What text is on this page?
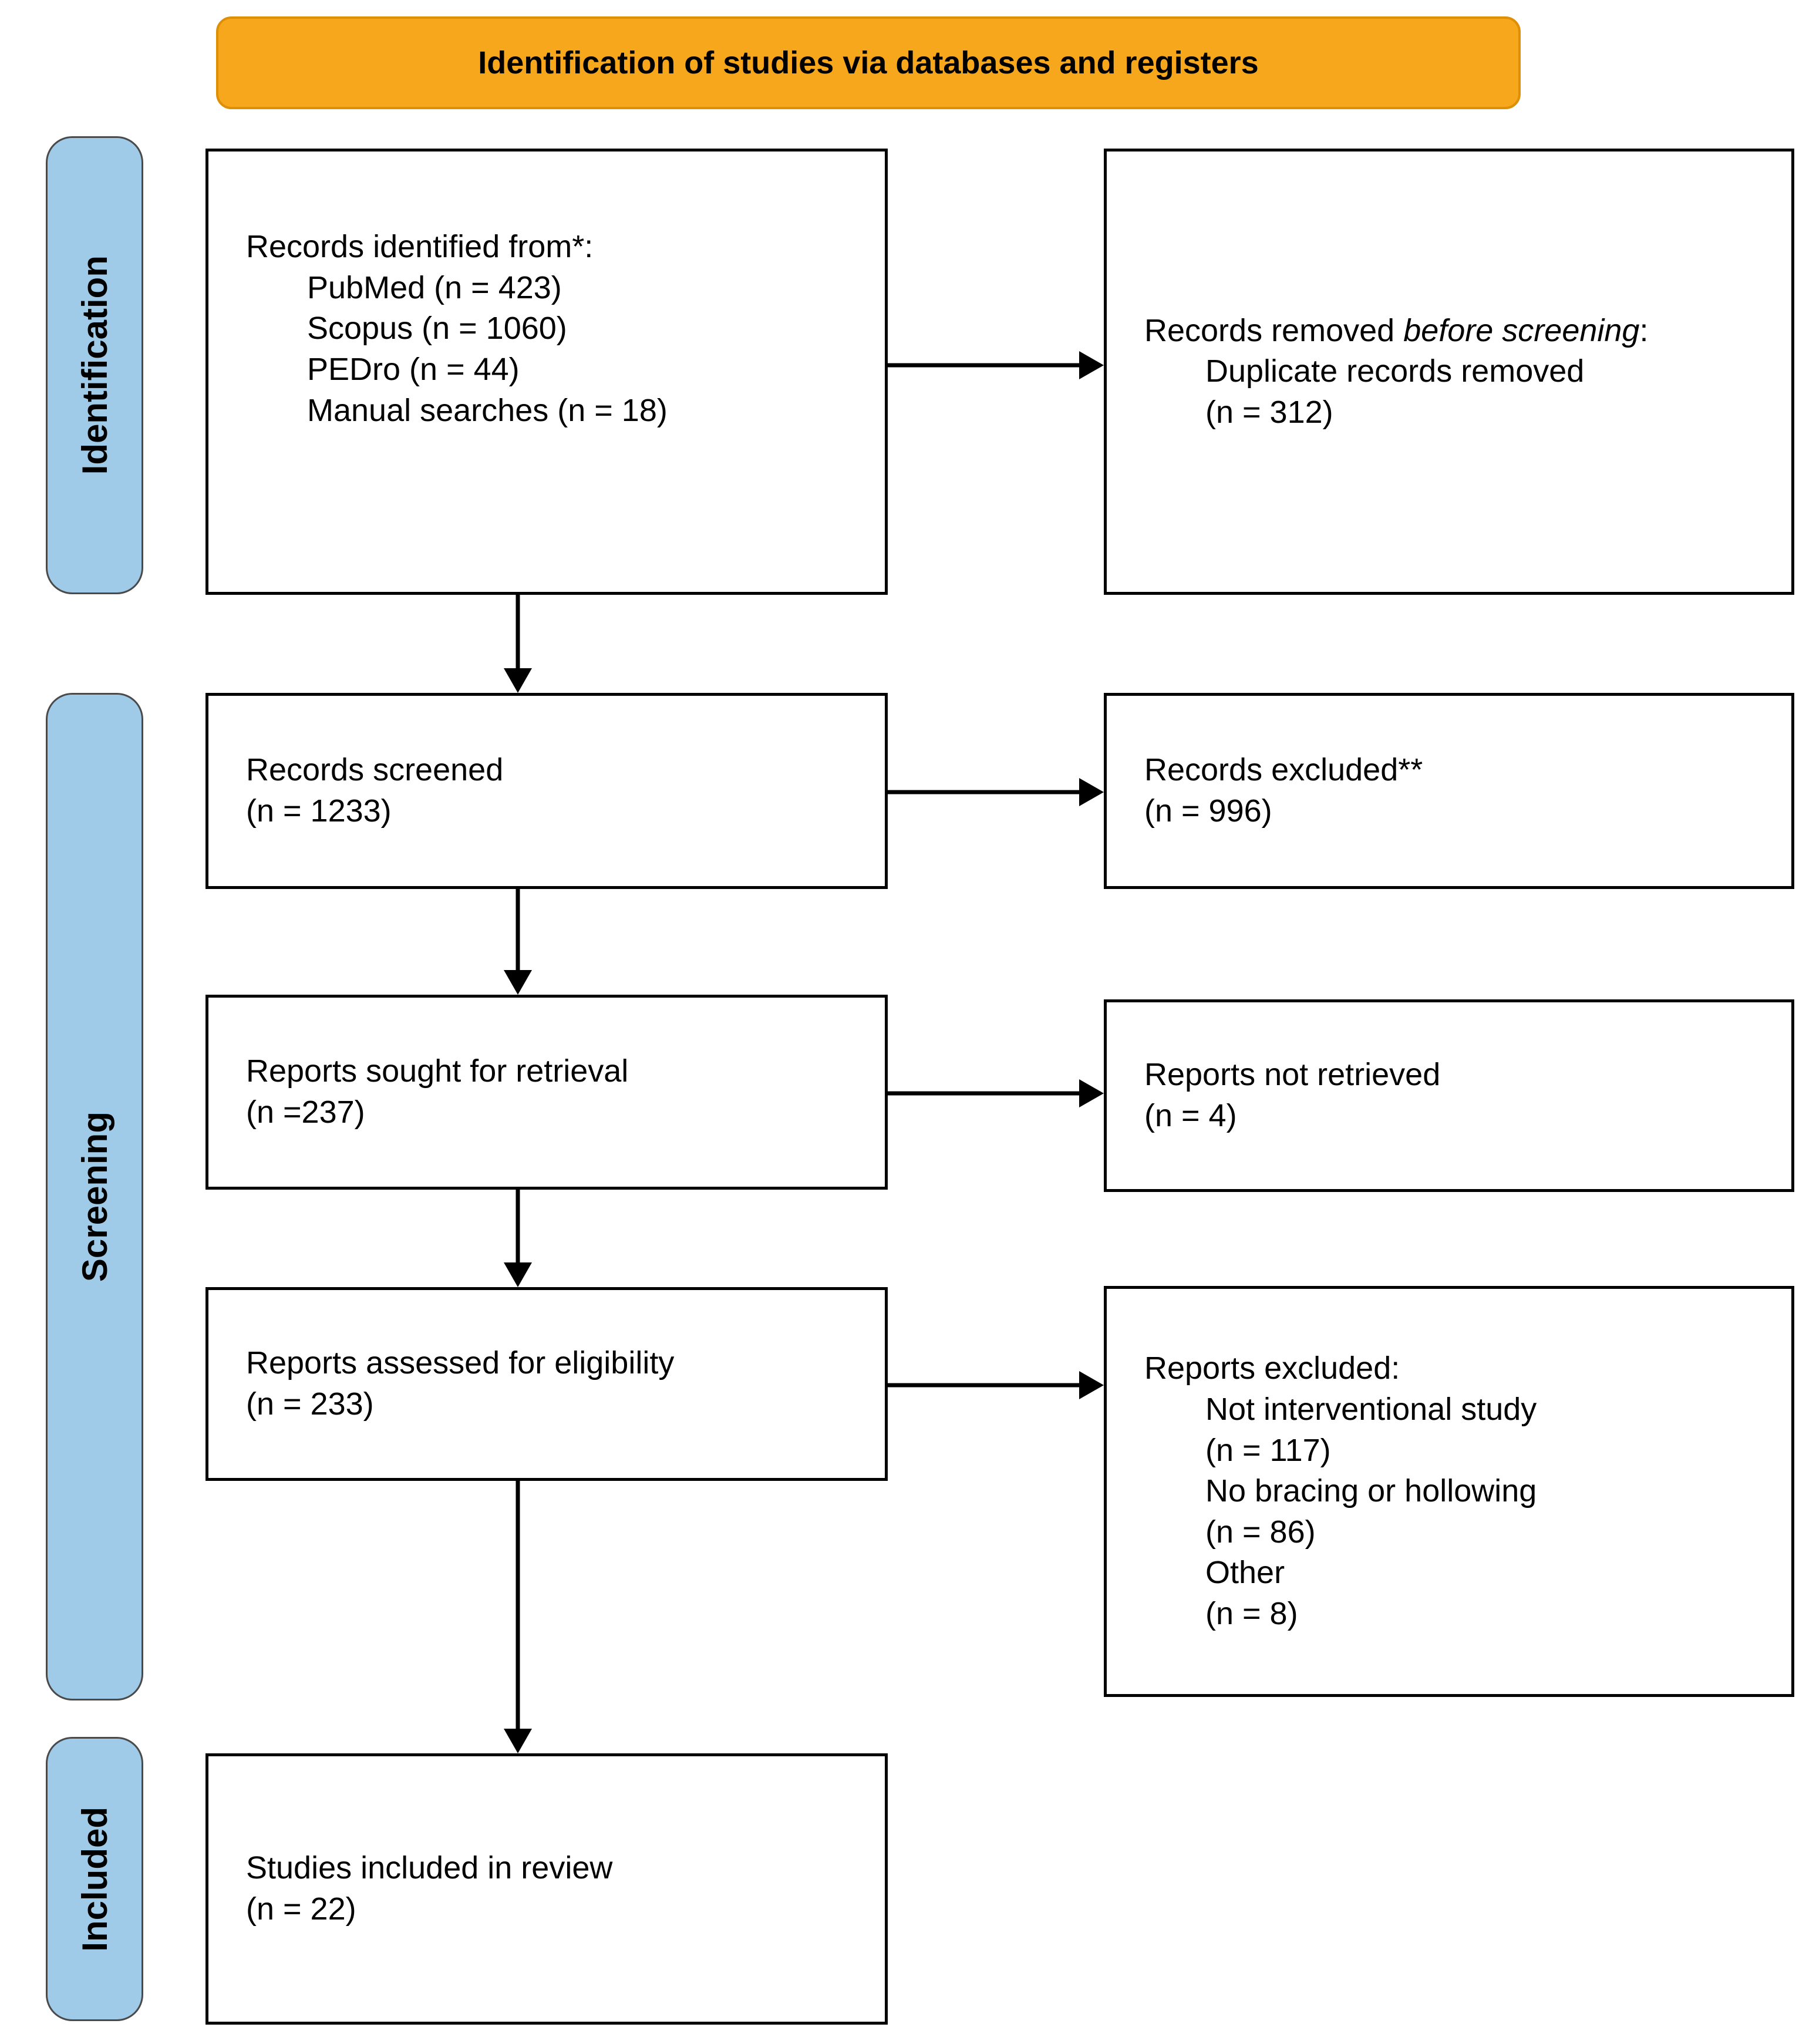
Identification of studies via databases and registers
Identification
Screening
Included
Records identified from*:
PubMed (n = 423)
Scopus (n = 1060)
PEDro (n = 44)
Manual searches (n = 18)
Records removed before screening:
Duplicate records removed
(n = 312)
Records screened
(n = 1233)
Records excluded**
(n = 996)
Reports sought for retrieval
(n =237)
Reports not retrieved
(n = 4)
Reports assessed for eligibility
(n = 233)
Reports excluded:
Not interventional study
(n = 117)
No bracing or hollowing
(n = 86)
Other
(n = 8)
Studies included in review
(n = 22)
